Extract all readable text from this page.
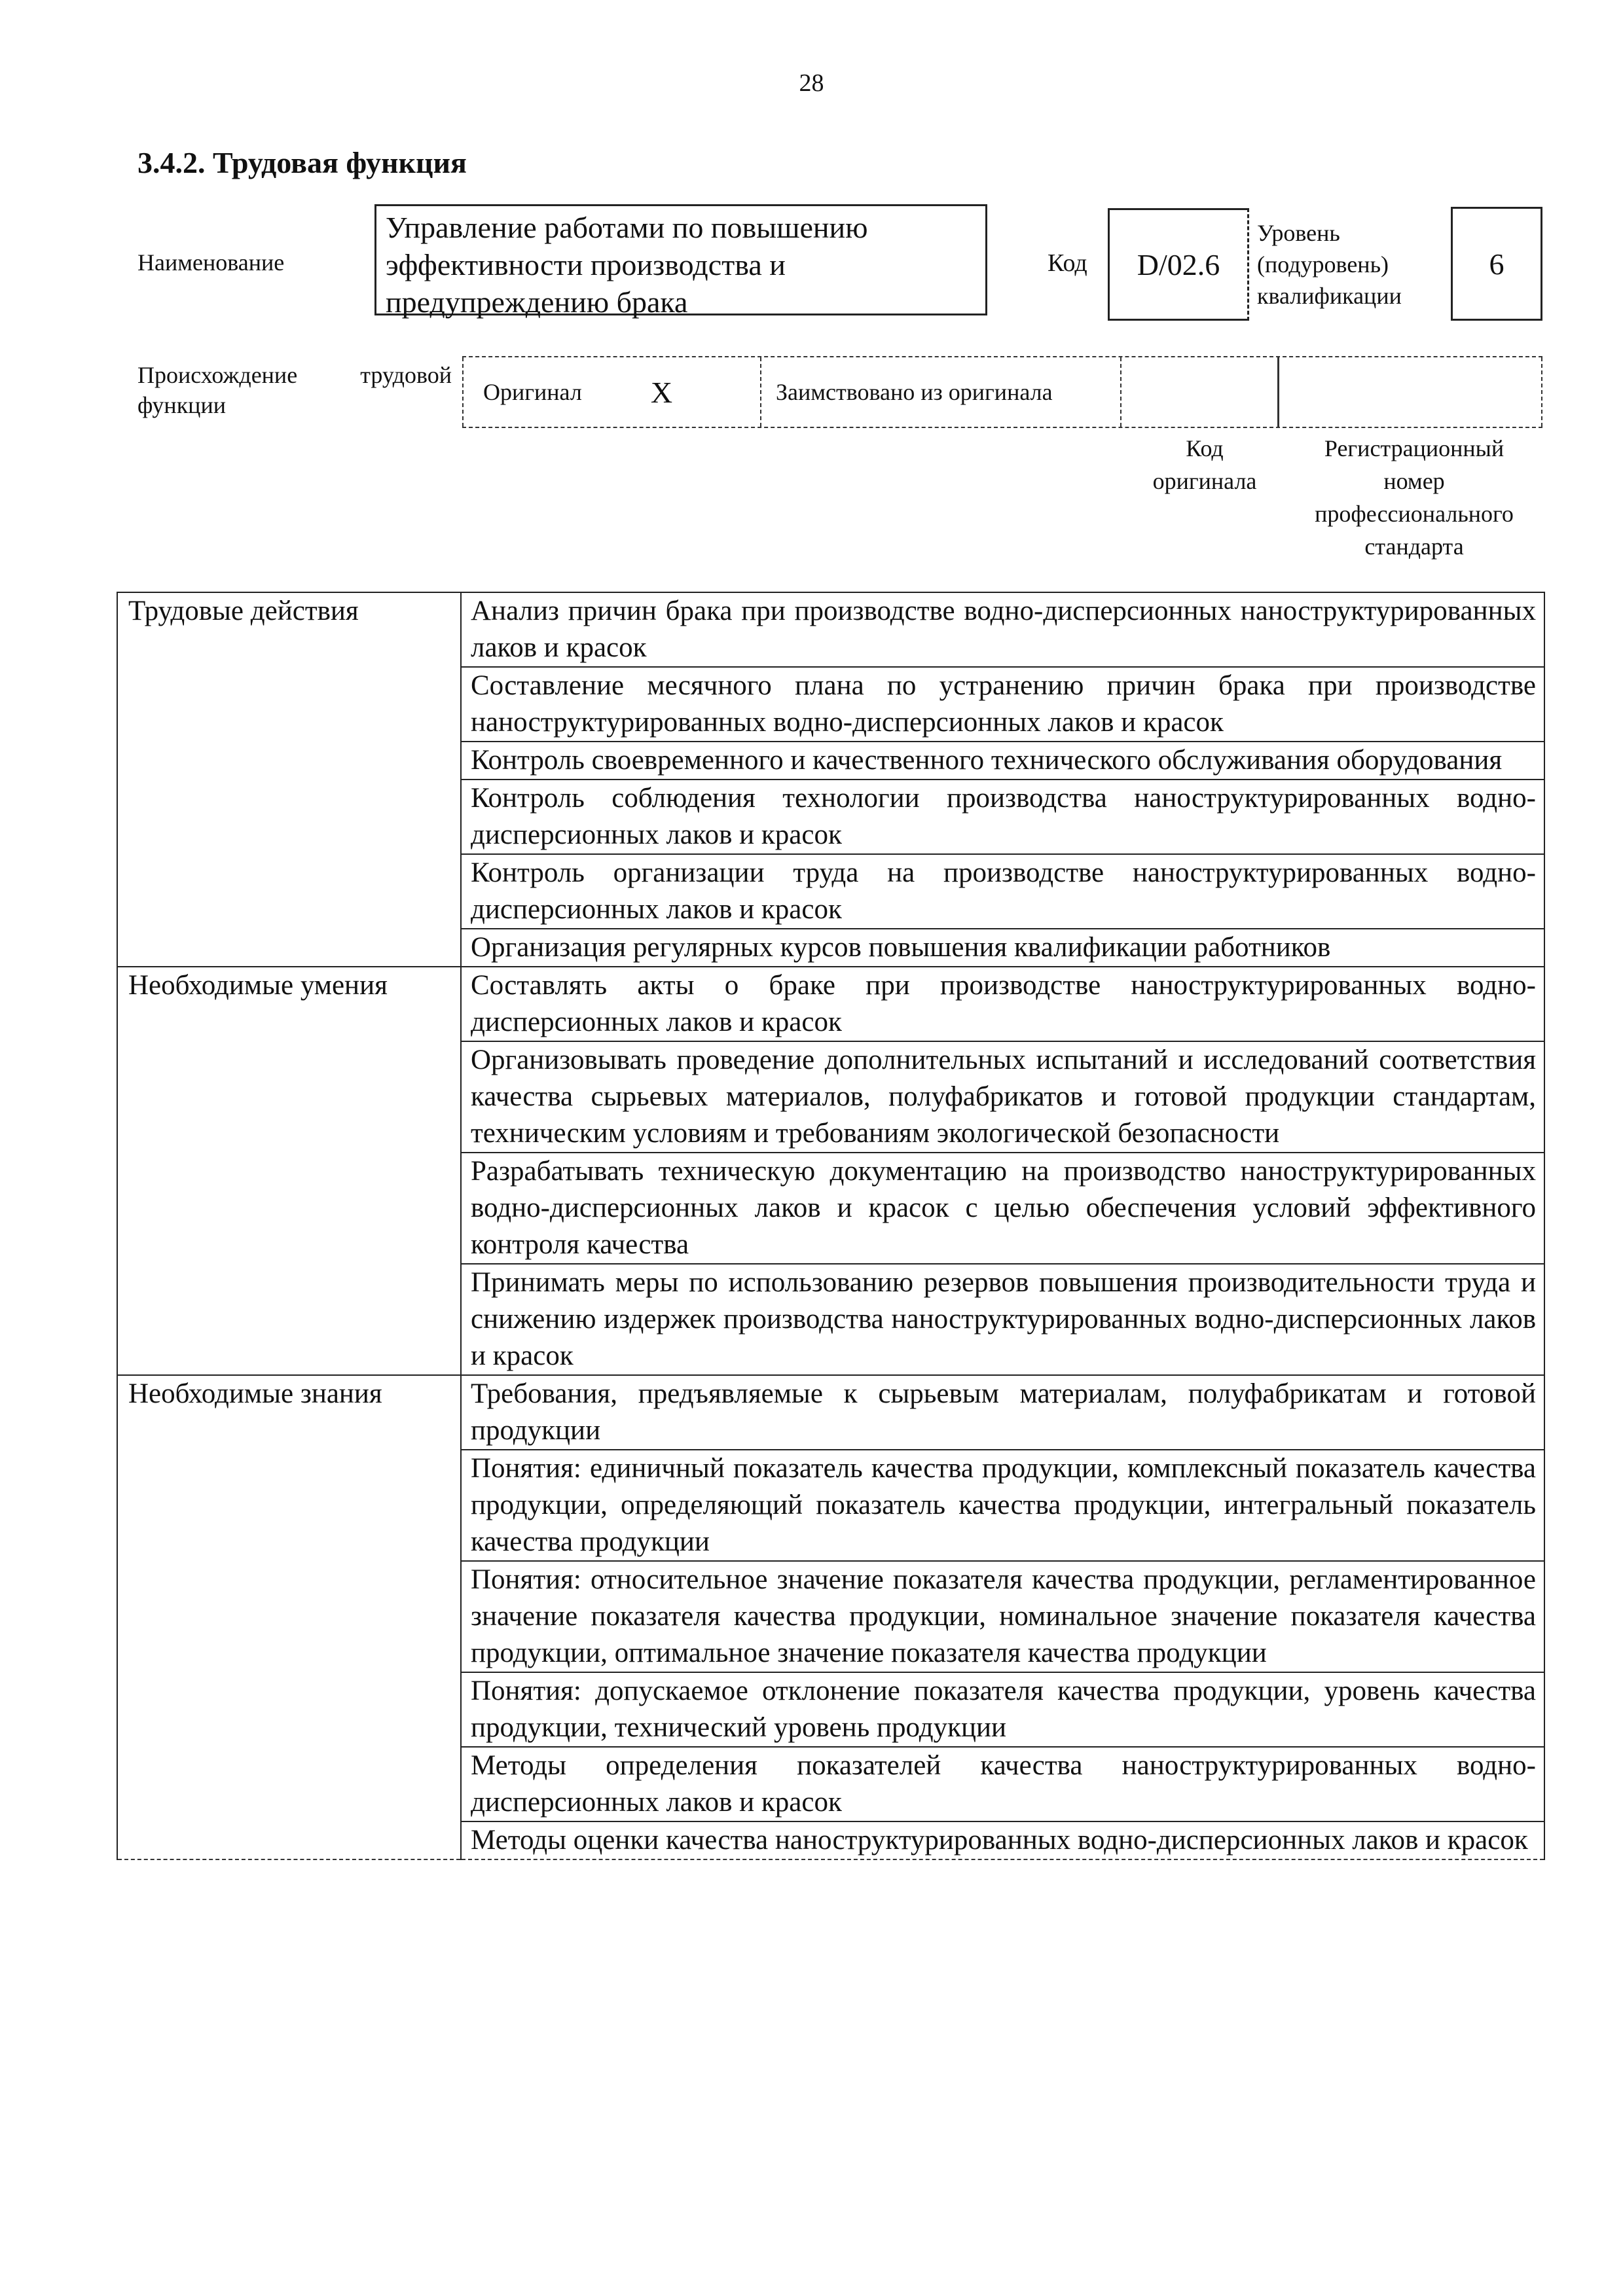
28
3.4.2. Трудовая функция
Наименование
Управление работами по повышению
эффективности производства и
предупреждению брака
Код	D/02.6
Уровень
(подуровень)
квалификации
6
Происхождение трудовой
функции	Оригинал X	Заимствовано из оригинала
Код
оригинала
Регистрационный
номер
профессионального
стандарта
Трудовые действия	Анализ причин брака при производстве водно-дисперсионных наноструктурированных лаков и красок
	Составление месячного плана по устранению причин брака при производстве наноструктурированных водно-дисперсионных лаков и красок
	Контроль своевременного и качественного технического обслуживания оборудования
	Контроль соблюдения технологии производства наноструктурированных водно-дисперсионных лаков и красок
	Контроль организации труда на производстве наноструктурированных водно-дисперсионных лаков и красок
	Организация регулярных курсов повышения квалификации работников
Необходимые умения	Составлять акты о браке при производстве наноструктурированных водно-дисперсионных лаков и красок
	Организовывать проведение дополнительных испытаний и исследований соответствия качества сырьевых материалов, полуфабрикатов и готовой продукции стандартам, техническим условиям и требованиям экологической безопасности
	Разрабатывать техническую документацию на производство наноструктурированных водно-дисперсионных лаков и красок с целью обеспечения условий эффективного контроля качества
	Принимать меры по использованию резервов повышения производительности труда и снижению издержек производства наноструктурированных водно-дисперсионных лаков и красок
Необходимые знания	Требования, предъявляемые к сырьевым материалам, полуфабрикатам и готовой продукции
	Понятия: единичный показатель качества продукции, комплексный показатель качества продукции, определяющий показатель качества продукции, интегральный показатель качества продукции
	Понятия: относительное значение показателя качества продукции, регламентированное значение показателя качества продукции, номинальное значение показателя качества продукции, оптимальное значение показателя качества продукции
	Понятия: допускаемое отклонение показателя качества продукции, уровень качества продукции, технический уровень продукции
	Методы определения показателей качества наноструктурированных водно-дисперсионных лаков и красок
	Методы оценки качества наноструктурированных водно-дисперсионных лаков и красок
